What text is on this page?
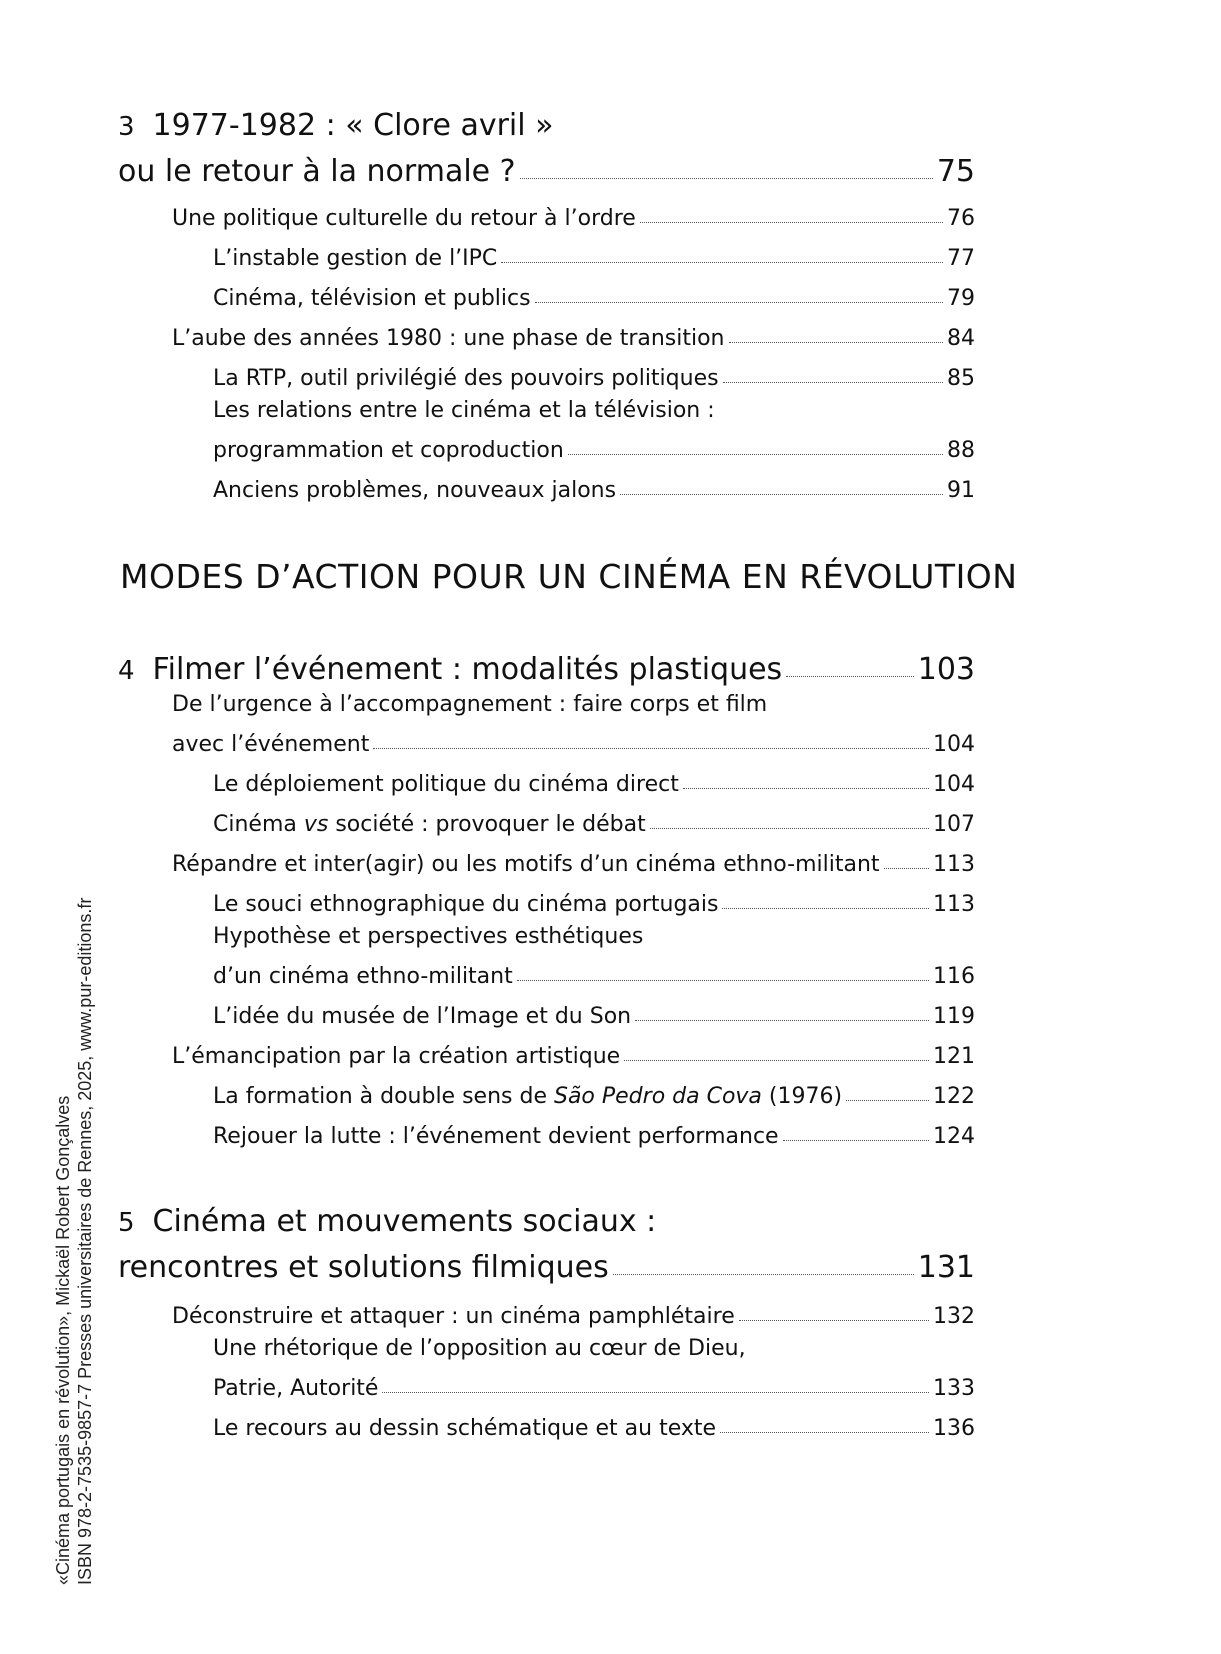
3 1977-1982 : « Clore avril »
ou le retour à la normale ?	75
Une politique culturelle du retour à l’ordre	76
L’instable gestion de l’IPC	77
Cinéma, télévision et publics	79
L’aube des années 1980 : une phase de transition	84
La RTP, outil privilégié des pouvoirs politiques	85
Les relations entre le cinéma et la télévision :
programmation et coproduction	88
Anciens problèmes, nouveaux jalons	91
MODES D’ACTION POUR UN CINÉMA EN RÉVOLUTION
4 Filmer l’événement : modalités plastiques	103
De l’urgence à l’accompagnement : faire corps et film
avec l’événement	104
Le déploiement politique du cinéma direct	104
Cinéma vs société : provoquer le débat	107
Répandre et inter(agir) ou les motifs d’un cinéma ethno-militant 113
Le souci ethnographique du cinéma portugais	113
Hypothèse et perspectives esthétiques
d’un cinéma ethno-militant	116
L’idée du musée de l’Image et du Son	119
L’émancipation par la création artistique	121
La formation à double sens de São Pedro da Cova (1976)	122
Rejouer la lutte : l’événement devient performance	124
5 Cinéma et mouvements sociaux :
rencontres et solutions filmiques	131
Déconstruire et attaquer : un cinéma pamphlétaire	132
Une rhétorique de l’opposition au cœur de Dieu,
Patrie, Autorité	133
Le recours au dessin schématique et au texte	136
«Cinéma portugais en révolution», Mickaël Robert Gonçalves ISBN 978-2-7535-9857-7 Presses universitaires de Rennes, 2025, www.pur-editions.fr
